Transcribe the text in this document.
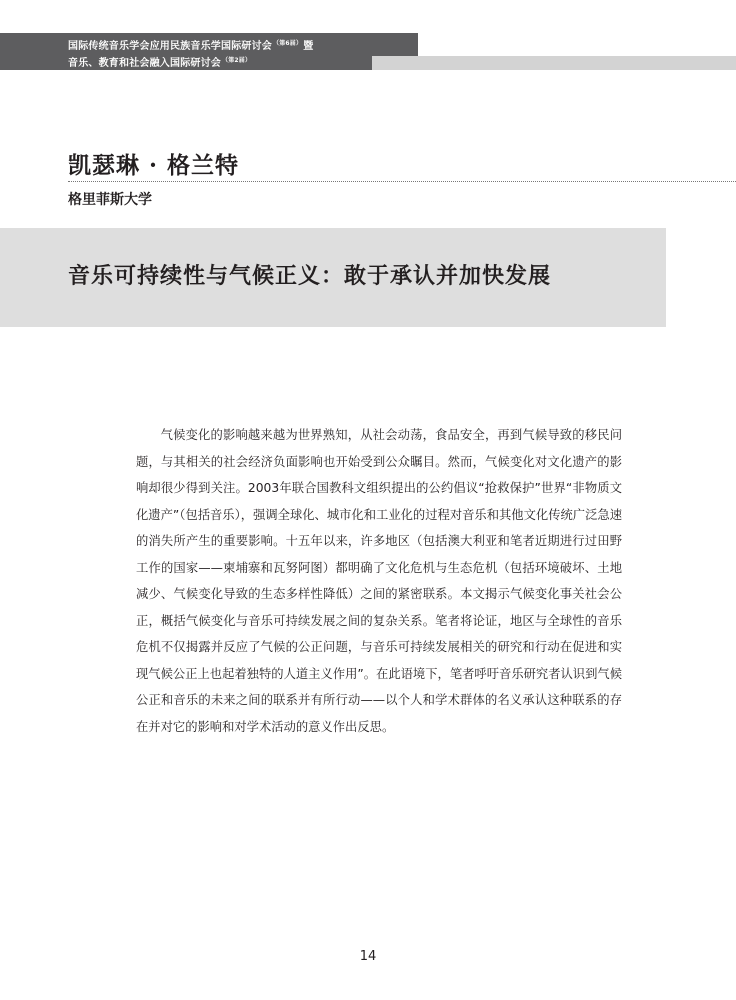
国际传统音乐学会应用民族音乐学国际研讨会$^{(第6届)}$暨
音乐、教育和社会融入国际研讨会$^{(第2届)}$
凯瑟琳 · 格兰特
格里菲斯大学
音乐可持续性与气候正义：敢于承认并加快发展

气候变化的影响越来越为世界熟知，从社会动荡，食品安全，再到气候导致的移民问题，与其相关的社会经济负面影响也开始受到公众瞩目。然而，气候变化对文化遗产的影响却很少得到关注。2003年联合国教科文组织提出的公约倡议“抢救保护”世界“非物质文化遗产”（包括音乐），强调全球化、城市化和工业化的过程对音乐和其他文化传统广泛急速的消失所产生的重要影响。十五年以来，许多地区（包括澳大利亚和笔者近期进行过田野工作的国家——柬埔寨和瓦努阿图）都明确了文化危机与生态危机（包括环境破坏、土地减少、气候变化导致的生态多样性降低）之间的紧密联系。本文揭示气候变化事关社会公正，概括气候变化与音乐可持续发展之间的复杂关系。笔者将论证，地区与全球性的音乐危机不仅揭露并反应了气候的公正问题，与音乐可持续发展相关的研究和行动在促进和实现气候公正上也起着独特的人道主义作用”。在此语境下，笔者呼吁音乐研究者认识到气候公正和音乐的未来之间的联系并有所行动——以个人和学术群体的名义承认这种联系的存在并对它的影响和对学术活动的意义作出反思。

14
